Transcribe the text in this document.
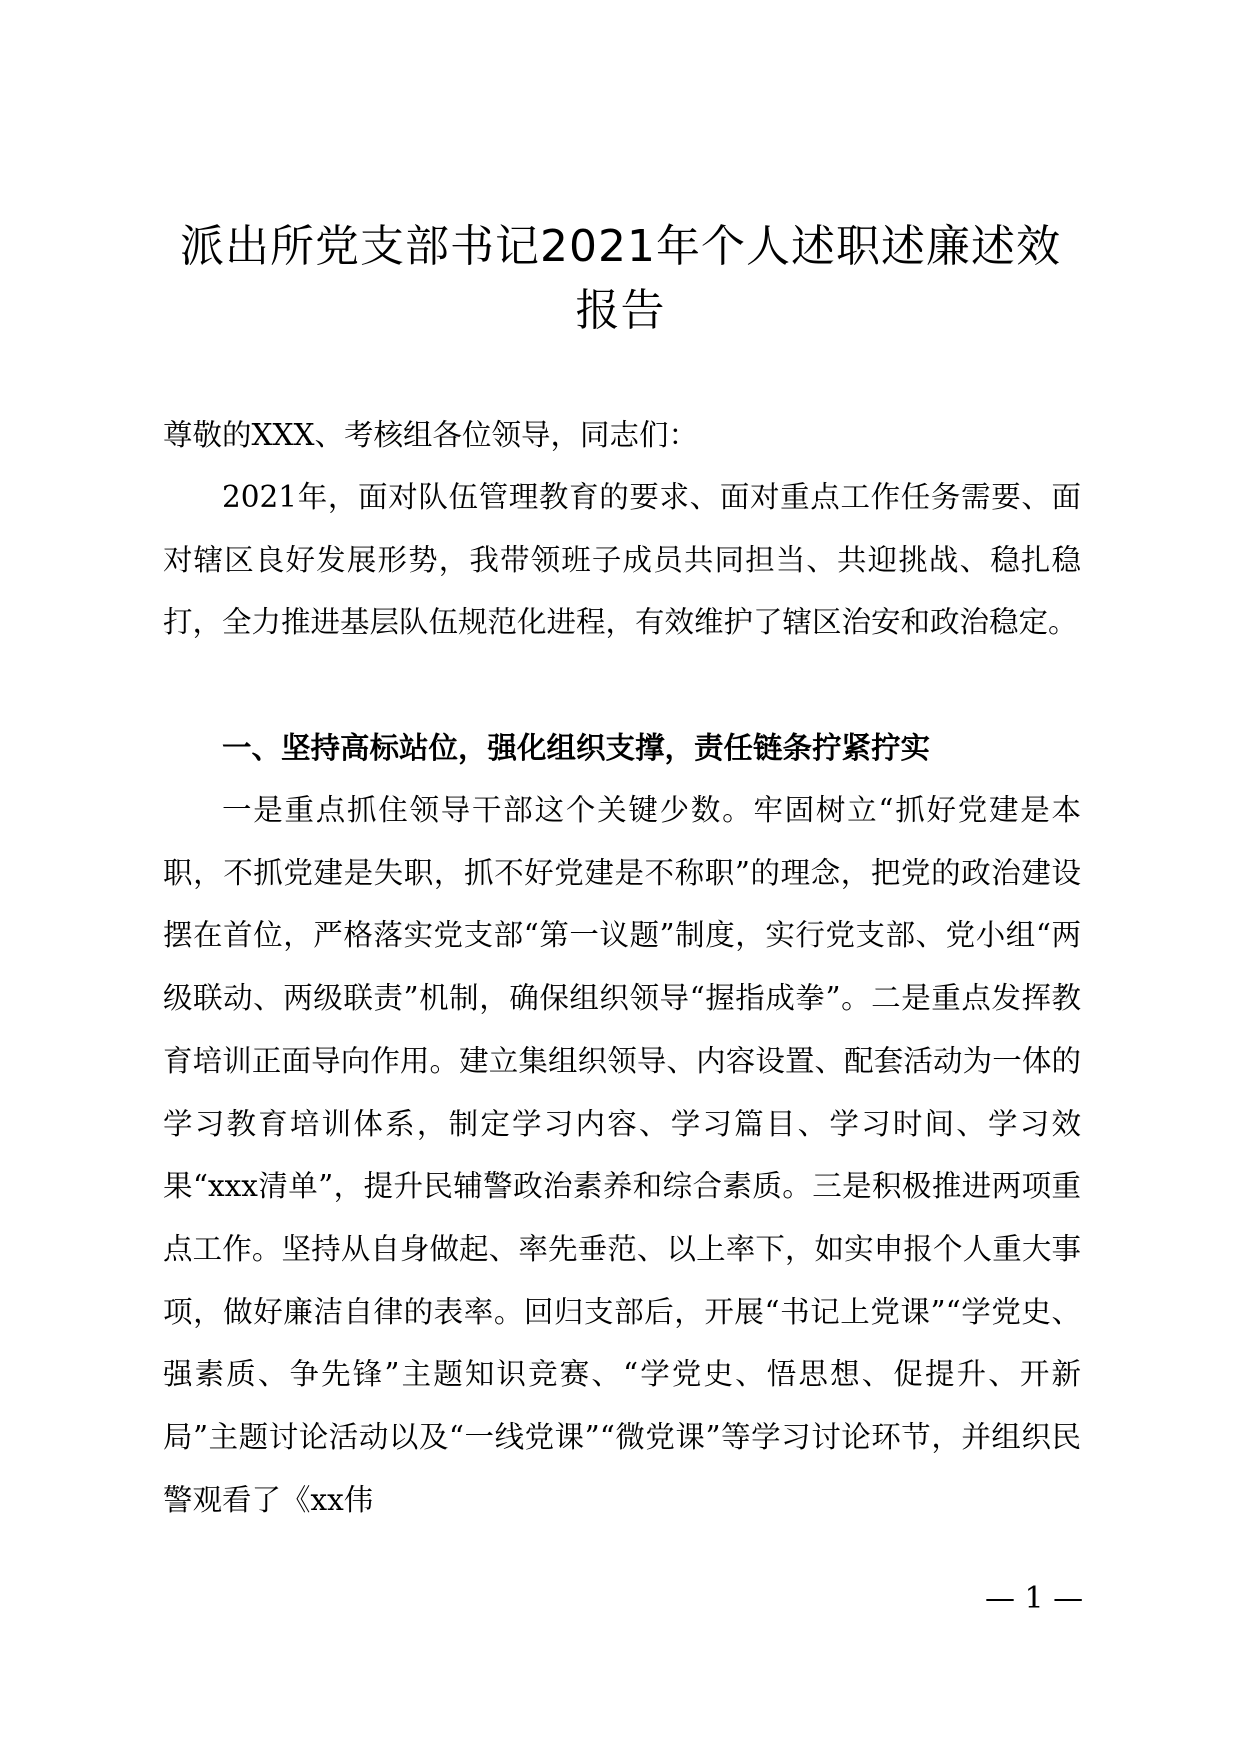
派出所党支部书记2021年个人述职述廉述效
报告

尊敬的XXX、考核组各位领导，同志们：

2021年，面对队伍管理教育的要求、面对重点工作任务需要、面对辖区良好发展形势，我带领班子成员共同担当、共迎挑战、稳扎稳打，全力推进基层队伍规范化进程，有效维护了辖区治安和政治稳定。

一、坚持高标站位，强化组织支撑，责任链条拧紧拧实

一是重点抓住领导干部这个关键少数。牢固树立“抓好党建是本职，不抓党建是失职，抓不好党建是不称职”的理念，把党的政治建设摆在首位，严格落实党支部“第一议题”制度，实行党支部、党小组“两级联动、两级联责”机制，确保组织领导“握指成拳”。二是重点发挥教育培训正面导向作用。建立集组织领导、内容设置、配套活动为一体的学习教育培训体系，制定学习内容、学习篇目、学习时间、学习效果“xxx清单”，提升民辅警政治素养和综合素质。三是积极推进两项重点工作。坚持从自身做起、率先垂范、以上率下，如实申报个人重大事项，做好廉洁自律的表率。回归支部后，开展“书记上党课”“学党史、强素质、争先锋”主题知识竞赛、“学党史、悟思想、促提升、开新局”主题讨论活动以及“一线党课”“微党课”等学习讨论环节，并组织民警观看了《xx伟

— 1 —
